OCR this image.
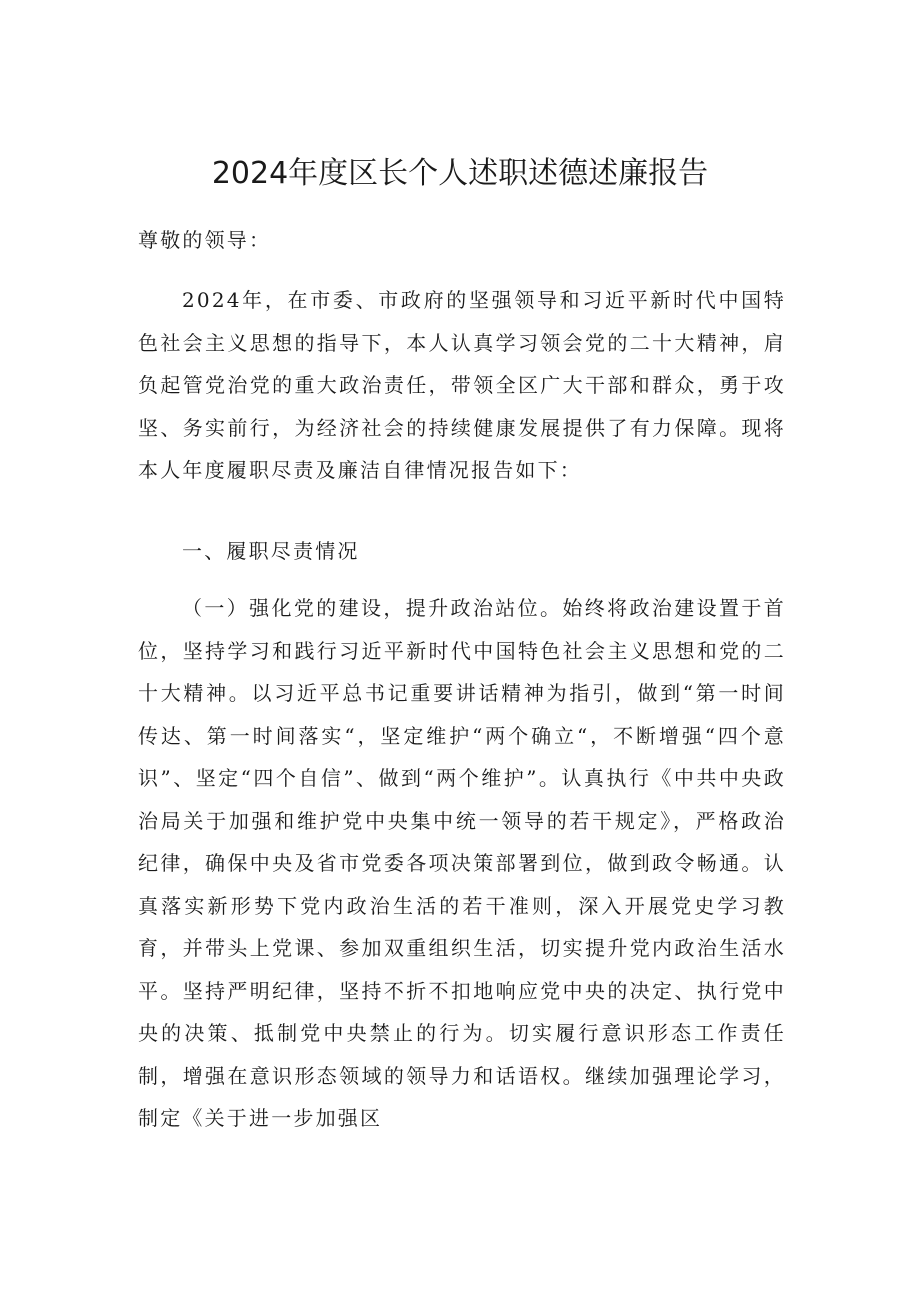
2024年度区长个人述职述德述廉报告

尊敬的领导：

2024年，在市委、市政府的坚强领导和习近平新时代中国特色社会主义思想的指导下，本人认真学习领会党的二十大精神，肩负起管党治党的重大政治责任，带领全区广大干部和群众，勇于攻坚、务实前行，为经济社会的持续健康发展提供了有力保障。现将本人年度履职尽责及廉洁自律情况报告如下：

一、履职尽责情况

（一）强化党的建设，提升政治站位。始终将政治建设置于首位，坚持学习和践行习近平新时代中国特色社会主义思想和党的二十大精神。以习近平总书记重要讲话精神为指引，做到“第一时间传达、第一时间落实“，坚定维护“两个确立“，不断增强“四个意识”、坚定“四个自信”、做到“两个维护”。认真执行《中共中央政治局关于加强和维护党中央集中统一领导的若干规定》，严格政治纪律，确保中央及省市党委各项决策部署到位，做到政令畅通。认真落实新形势下党内政治生活的若干准则，深入开展党史学习教育，并带头上党课、参加双重组织生活，切实提升党内政治生活水平。坚持严明纪律，坚持不折不扣地响应党中央的决定、执行党中央的决策、抵制党中央禁止的行为。切实履行意识形态工作责任制，增强在意识形态领域的领导力和话语权。继续加强理论学习，制定《关于进一步加强区
